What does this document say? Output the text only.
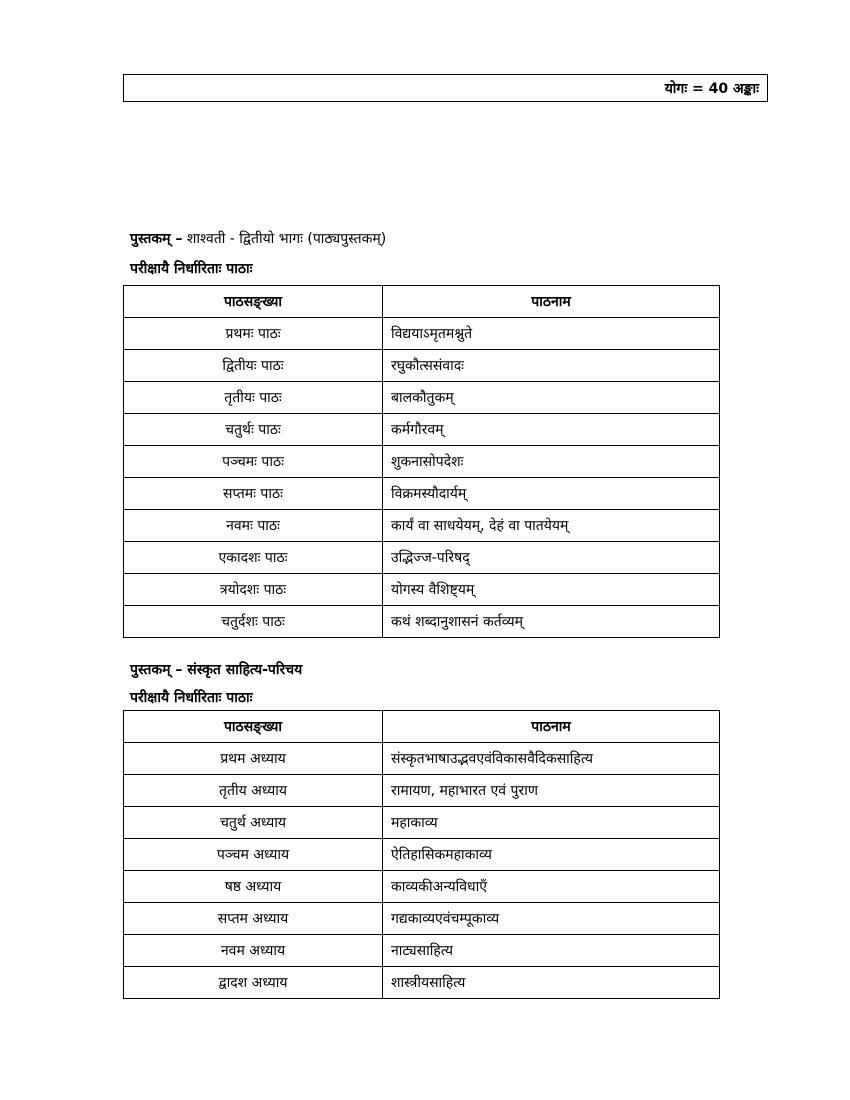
योगः = 40 अङ्काः
पुस्तकम् – शाश्वती - द्वितीयो भागः (पाठ्यपुस्तकम्)
परीक्षायै निर्धारिताः पाठाः
पाठसङ्ख्या	पाठनाम
प्रथमः पाठः	विद्ययाऽमृतमश्नुते
द्वितीयः पाठः	रघुकौत्ससंवादः
तृतीयः पाठः	बालकौतुकम्
चतुर्थः पाठः	कर्मगौरवम्
पञ्चमः पाठः	शुकनासोपदेशः
सप्तमः पाठः	विक्रमस्यौदार्यम्
नवमः पाठः	कार्यं वा साधयेयम्, देहं वा पातयेयम्
एकादशः पाठः	उद्भिज्ज-परिषद्
त्रयोदशः पाठः	योगस्य वैशिष्ट्यम्
चतुर्दशः पाठः	कथं शब्दानुशासनं कर्तव्यम्
पुस्तकम् – संस्कृत साहित्य-परिचय
परीक्षायै निर्धारिताः पाठाः
पाठसङ्ख्या	पाठनाम
प्रथम अध्याय	संस्कृतभाषाउद्भवएवंविकासवैदिकसाहित्य
तृतीय अध्याय	रामायण, महाभारत एवं पुराण
चतुर्थ अध्याय	महाकाव्य
पञ्चम अध्याय	ऐतिहासिकमहाकाव्य
षष्ठ अध्याय	काव्यकीअन्यविधाएँ
सप्तम अध्याय	गद्यकाव्यएवंचम्पूकाव्य
नवम अध्याय	नाट्यसाहित्य
द्वादश अध्याय	शास्त्रीयसाहित्य
